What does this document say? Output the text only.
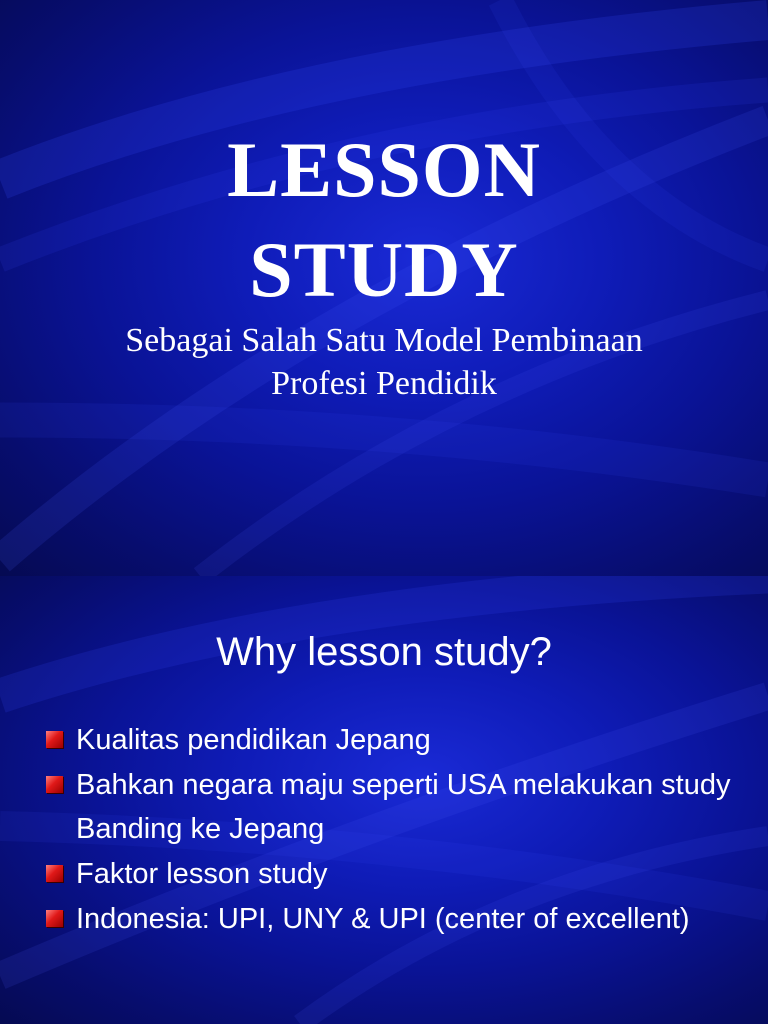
LESSON
STUDY
Sebagai Salah Satu Model Pembinaan
Profesi Pendidik
Why lesson study?
Kualitas pendidikan Jepang
Bahkan negara maju seperti USA melakukan study Banding ke Jepang
Faktor lesson study
Indonesia: UPI, UNY & UPI (center of excellent)
